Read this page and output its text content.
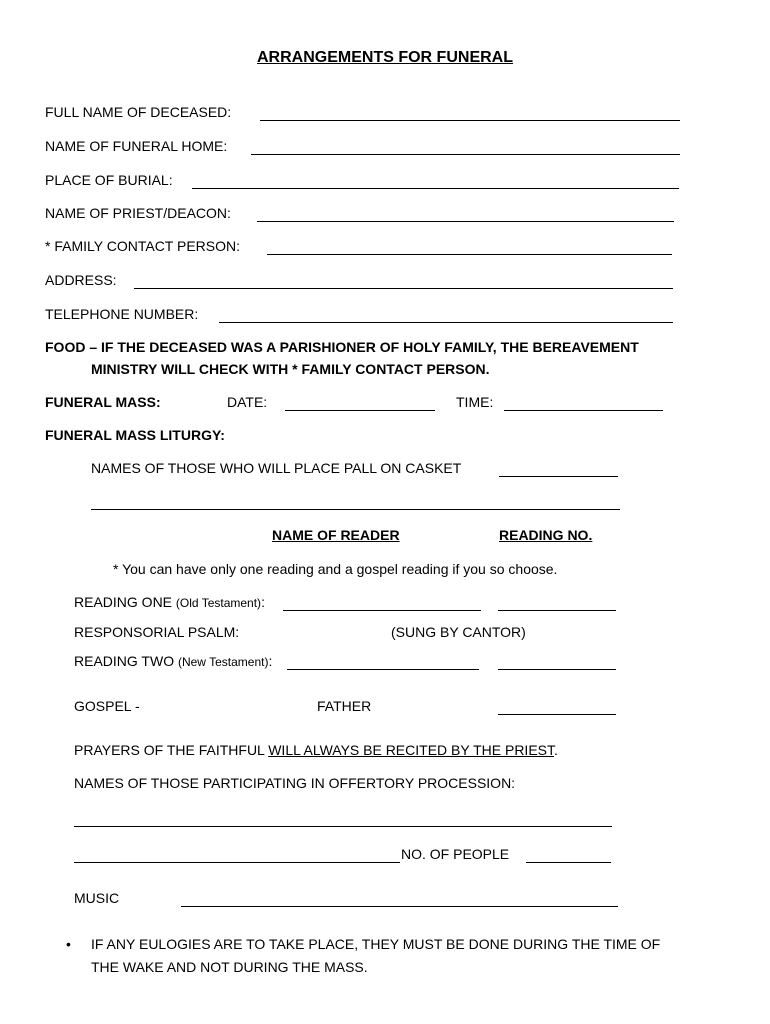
ARRANGEMENTS FOR FUNERAL
FULL NAME OF DECEASED:
NAME OF FUNERAL HOME:
PLACE OF BURIAL:
NAME OF PRIEST/DEACON:
* FAMILY CONTACT PERSON:
ADDRESS:
TELEPHONE NUMBER:
FOOD – IF THE DECEASED WAS A PARISHIONER OF HOLY FAMILY, THE BEREAVEMENT
MINISTRY WILL CHECK WITH * FAMILY CONTACT PERSON.
FUNERAL MASS:	DATE:	TIME:
FUNERAL MASS LITURGY:
NAMES OF THOSE WHO WILL PLACE PALL ON CASKET
NAME OF READER	READING NO.
* You can have only one reading and a gospel reading if you so choose.
READING ONE (Old Testament):
RESPONSORIAL PSALM:	(SUNG BY CANTOR)
READING TWO (New Testament):
GOSPEL -	FATHER
PRAYERS OF THE FAITHFUL WILL ALWAYS BE RECITED BY THE PRIEST.
NAMES OF THOSE PARTICIPATING IN OFFERTORY PROCESSION:
NO. OF PEOPLE
MUSIC
• IF ANY EULOGIES ARE TO TAKE PLACE, THEY MUST BE DONE DURING THE TIME OF
THE WAKE AND NOT DURING THE MASS.
